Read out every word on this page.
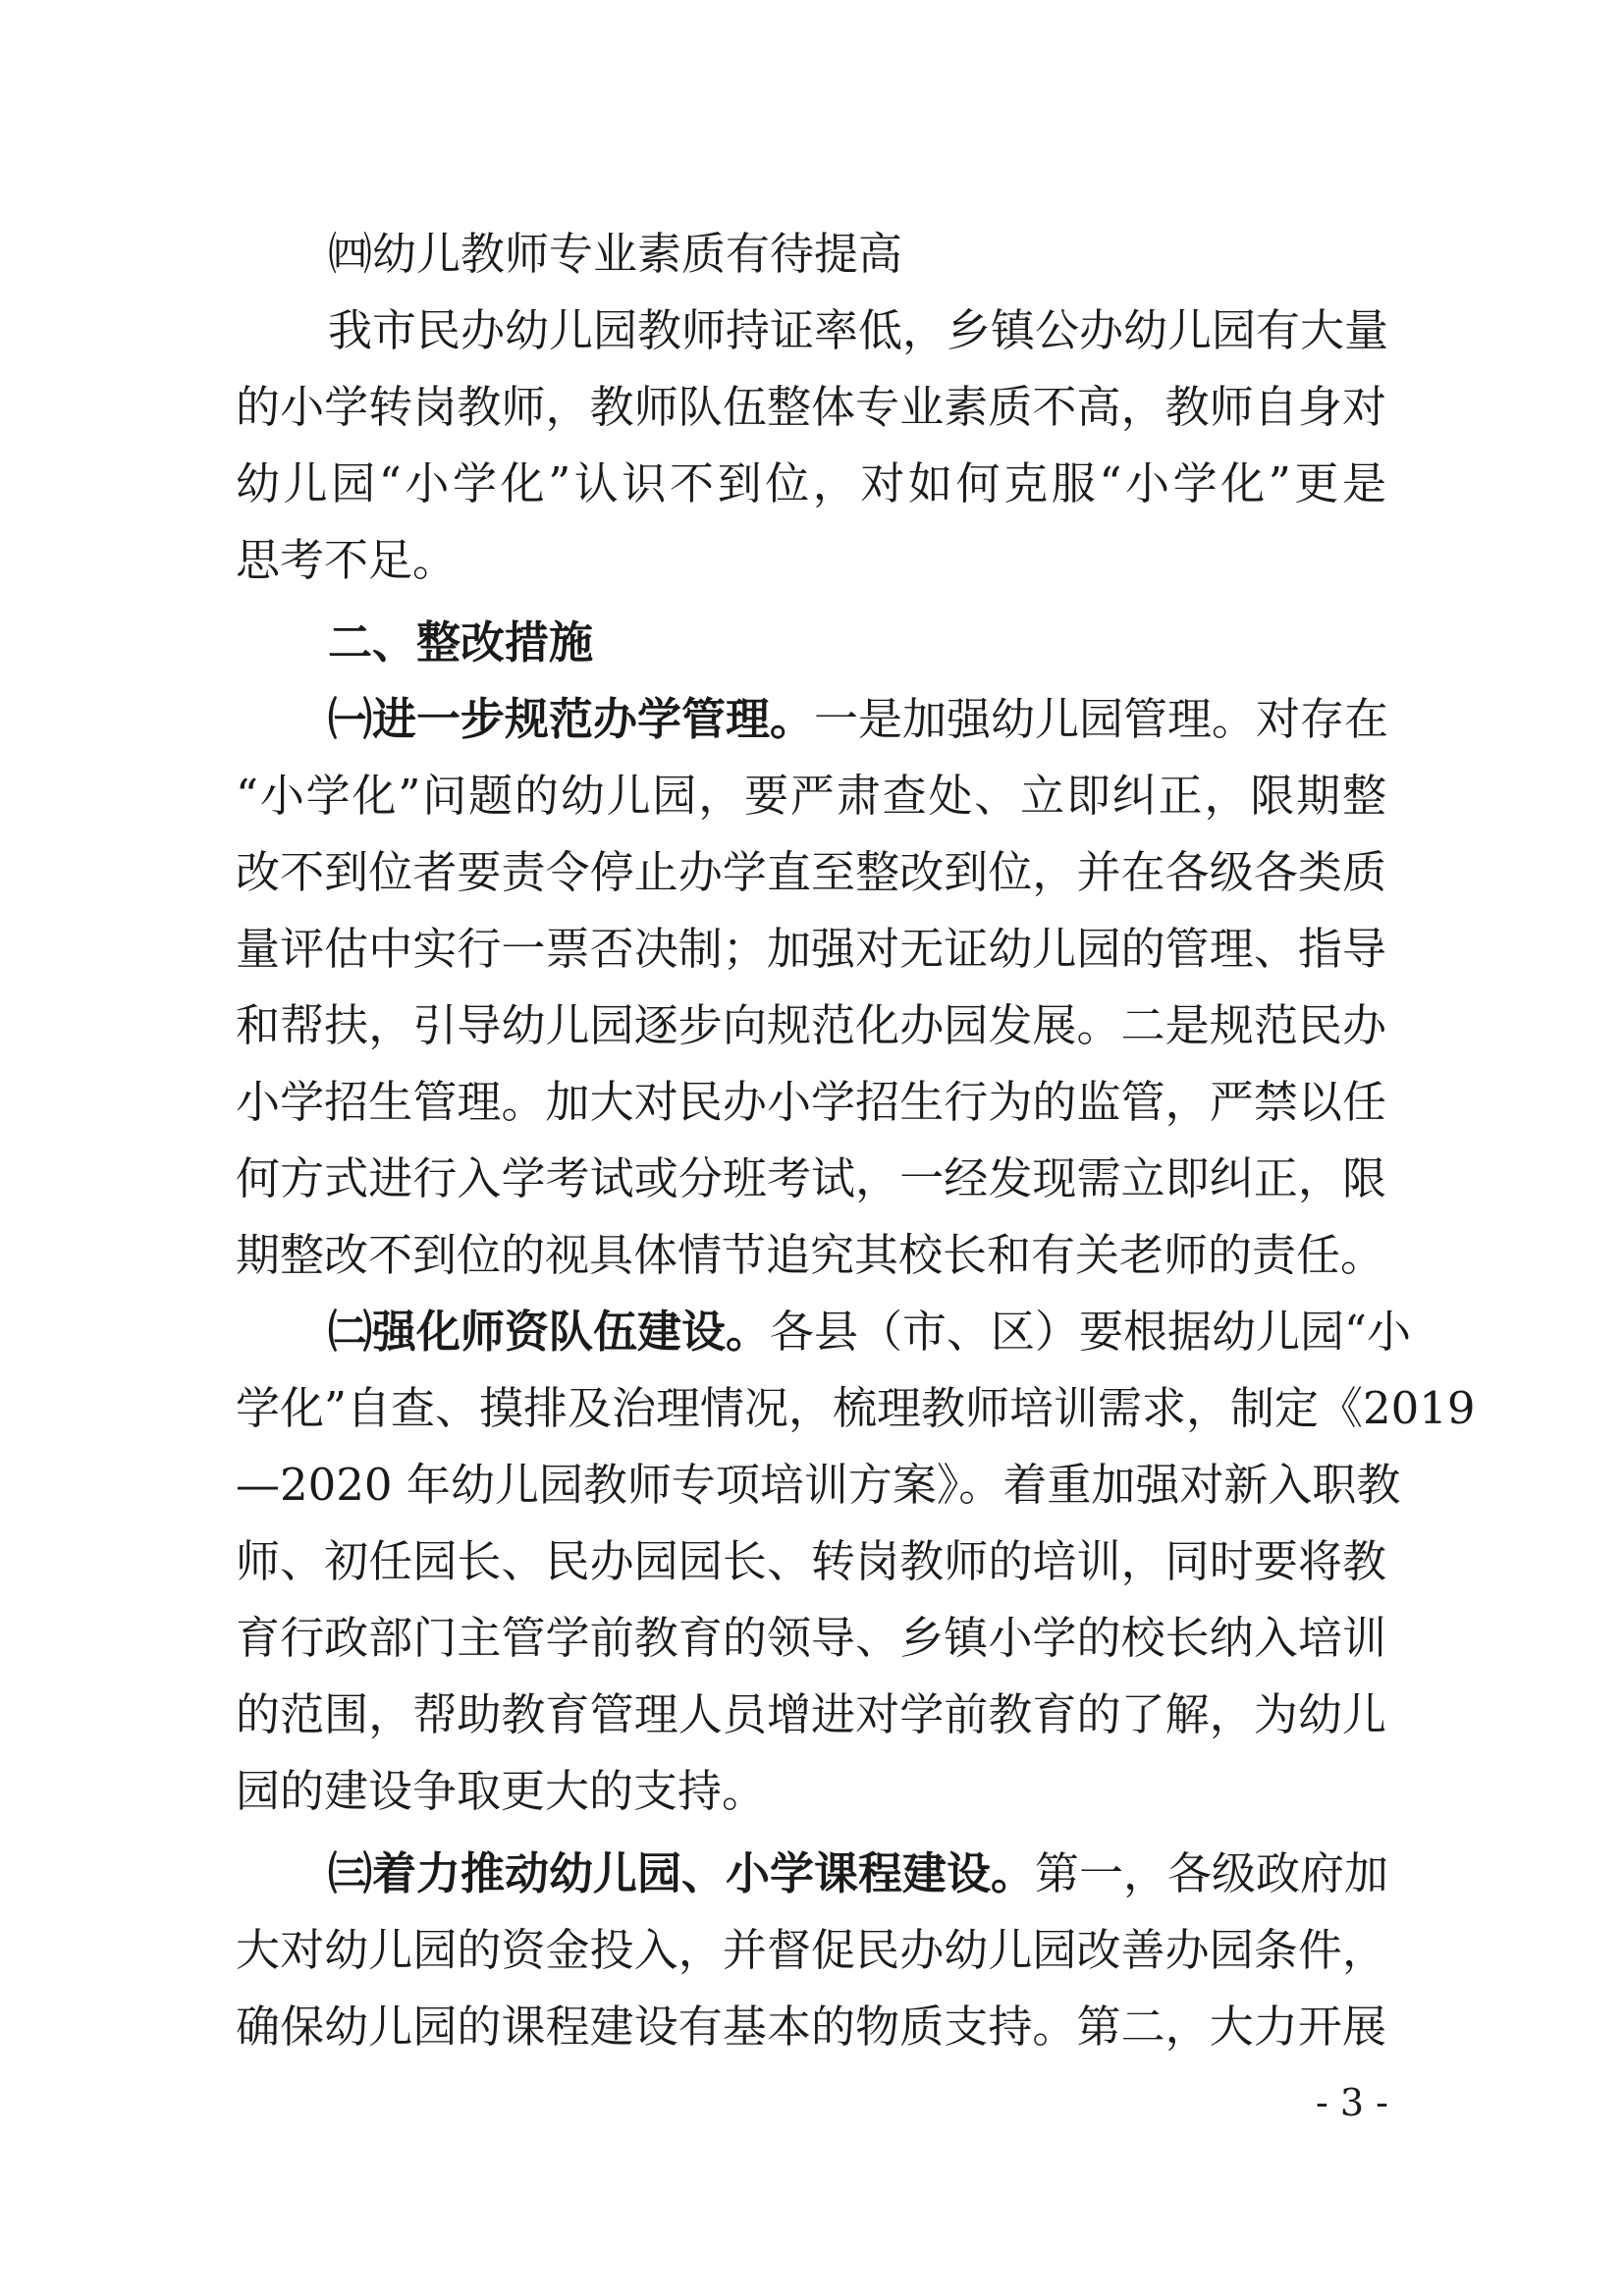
㈣幼儿教师专业素质有待提高
我市民办幼儿园教师持证率低，乡镇公办幼儿园有大量
的小学转岗教师，教师队伍整体专业素质不高，教师自身对
幼儿园“小学化”认识不到位，对如何克服“小学化”更是
思考不足。
二、整改措施
㈠进一步规范办学管理。一是加强幼儿园管理。对存在
“小学化”问题的幼儿园，要严肃查处、立即纠正，限期整
改不到位者要责令停止办学直至整改到位，并在各级各类质
量评估中实行一票否决制；加强对无证幼儿园的管理、指导
和帮扶，引导幼儿园逐步向规范化办园发展。二是规范民办
小学招生管理。加大对民办小学招生行为的监管，严禁以任
何方式进行入学考试或分班考试，一经发现需立即纠正，限
期整改不到位的视具体情节追究其校长和有关老师的责任。
㈡强化师资队伍建设。各县（市、区）要根据幼儿园“小
学化”自查、摸排及治理情况，梳理教师培训需求，制定《2019
—2020 年幼儿园教师专项培训方案》。着重加强对新入职教
师、初任园长、民办园园长、转岗教师的培训，同时要将教
育行政部门主管学前教育的领导、乡镇小学的校长纳入培训
的范围，帮助教育管理人员增进对学前教育的了解，为幼儿
园的建设争取更大的支持。
㈢着力推动幼儿园、小学课程建设。第一，各级政府加
大对幼儿园的资金投入，并督促民办幼儿园改善办园条件，
确保幼儿园的课程建设有基本的物质支持。第二，大力开展
- 3 -
